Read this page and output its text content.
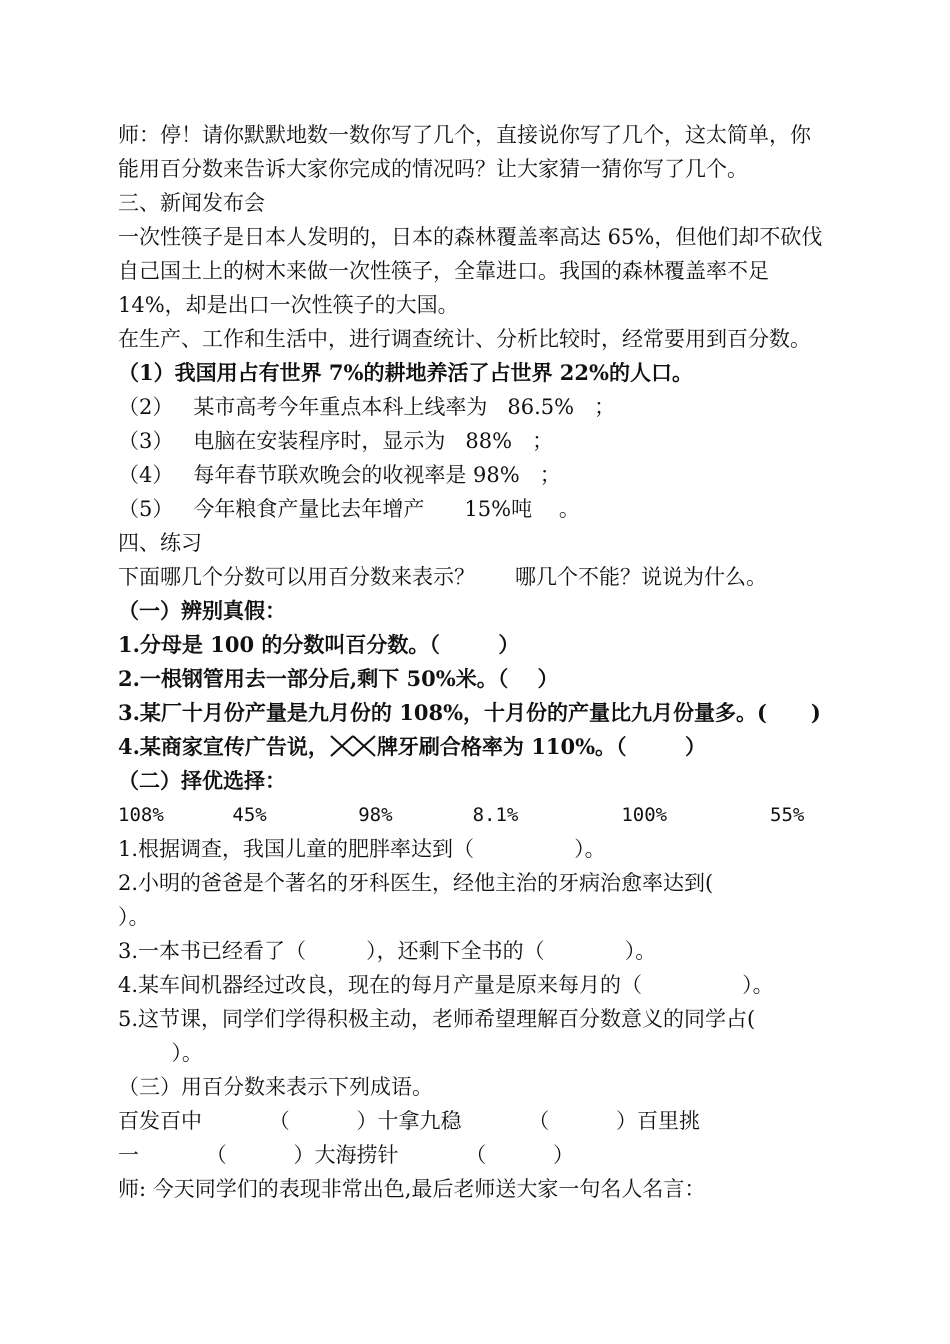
师：停！请你默默地数一数你写了几个，直接说你写了几个，这太简单，你
能用百分数来告诉大家你完成的情况吗？让大家猜一猜你写了几个。
三、新闻发布会
一次性筷子是日本人发明的，日本的森林覆盖率高达 65%，但他们却不砍伐
自己国土上的树木来做一次性筷子，全靠进口。我国的森林覆盖率不足
14%，却是出口一次性筷子的大国。
在生产、工作和生活中，进行调查统计、分析比较时，经常要用到百分数。
（1）我国用占有世界 7%的耕地养活了占世界 22%的人口。
（2）   某市高考今年重点本科上线率为   86.5%   ；
（3）   电脑在安装程序时，显示为   88%   ；
（4）   每年春节联欢晚会的收视率是 98%   ；
（5）   今年粮食产量比去年增产      15%吨    。
四、练习
下面哪几个分数可以用百分数来表示？      哪几个不能？说说为什么。
（一）辨别真假：
1.分母是 100 的分数叫百分数。（        ）
2.一根钢管用去一部分后,剩下 50%米。（    ）
3.某厂十月份产量是九月份的 108%，十月份的产量比九月份量多。(      )
4.某商家宣传广告说， 牌牙刷合格率为 110%。（        ）
（二）择优选择：
108%      45%        98%       8.1%         100%         55%
1.根据调查，我国儿童的肥胖率达到（               ）。
2.小明的爸爸是个著名的牙科医生，经他主治的牙病治愈率达到(
）。
3.一本书已经看了（         ），还剩下全书的（            ）。
4.某车间机器经过改良，现在的每月产量是原来每月的（               ）。
5.这节课，同学们学得积极主动，老师希望理解百分数意义的同学占(
）。
（三）用百分数来表示下列成语。
百发百中          （          ）十拿九稳          （          ）百里挑
一          （          ）大海捞针          （          ）
师: 今天同学们的表现非常出色,最后老师送大家一句名人名言：
